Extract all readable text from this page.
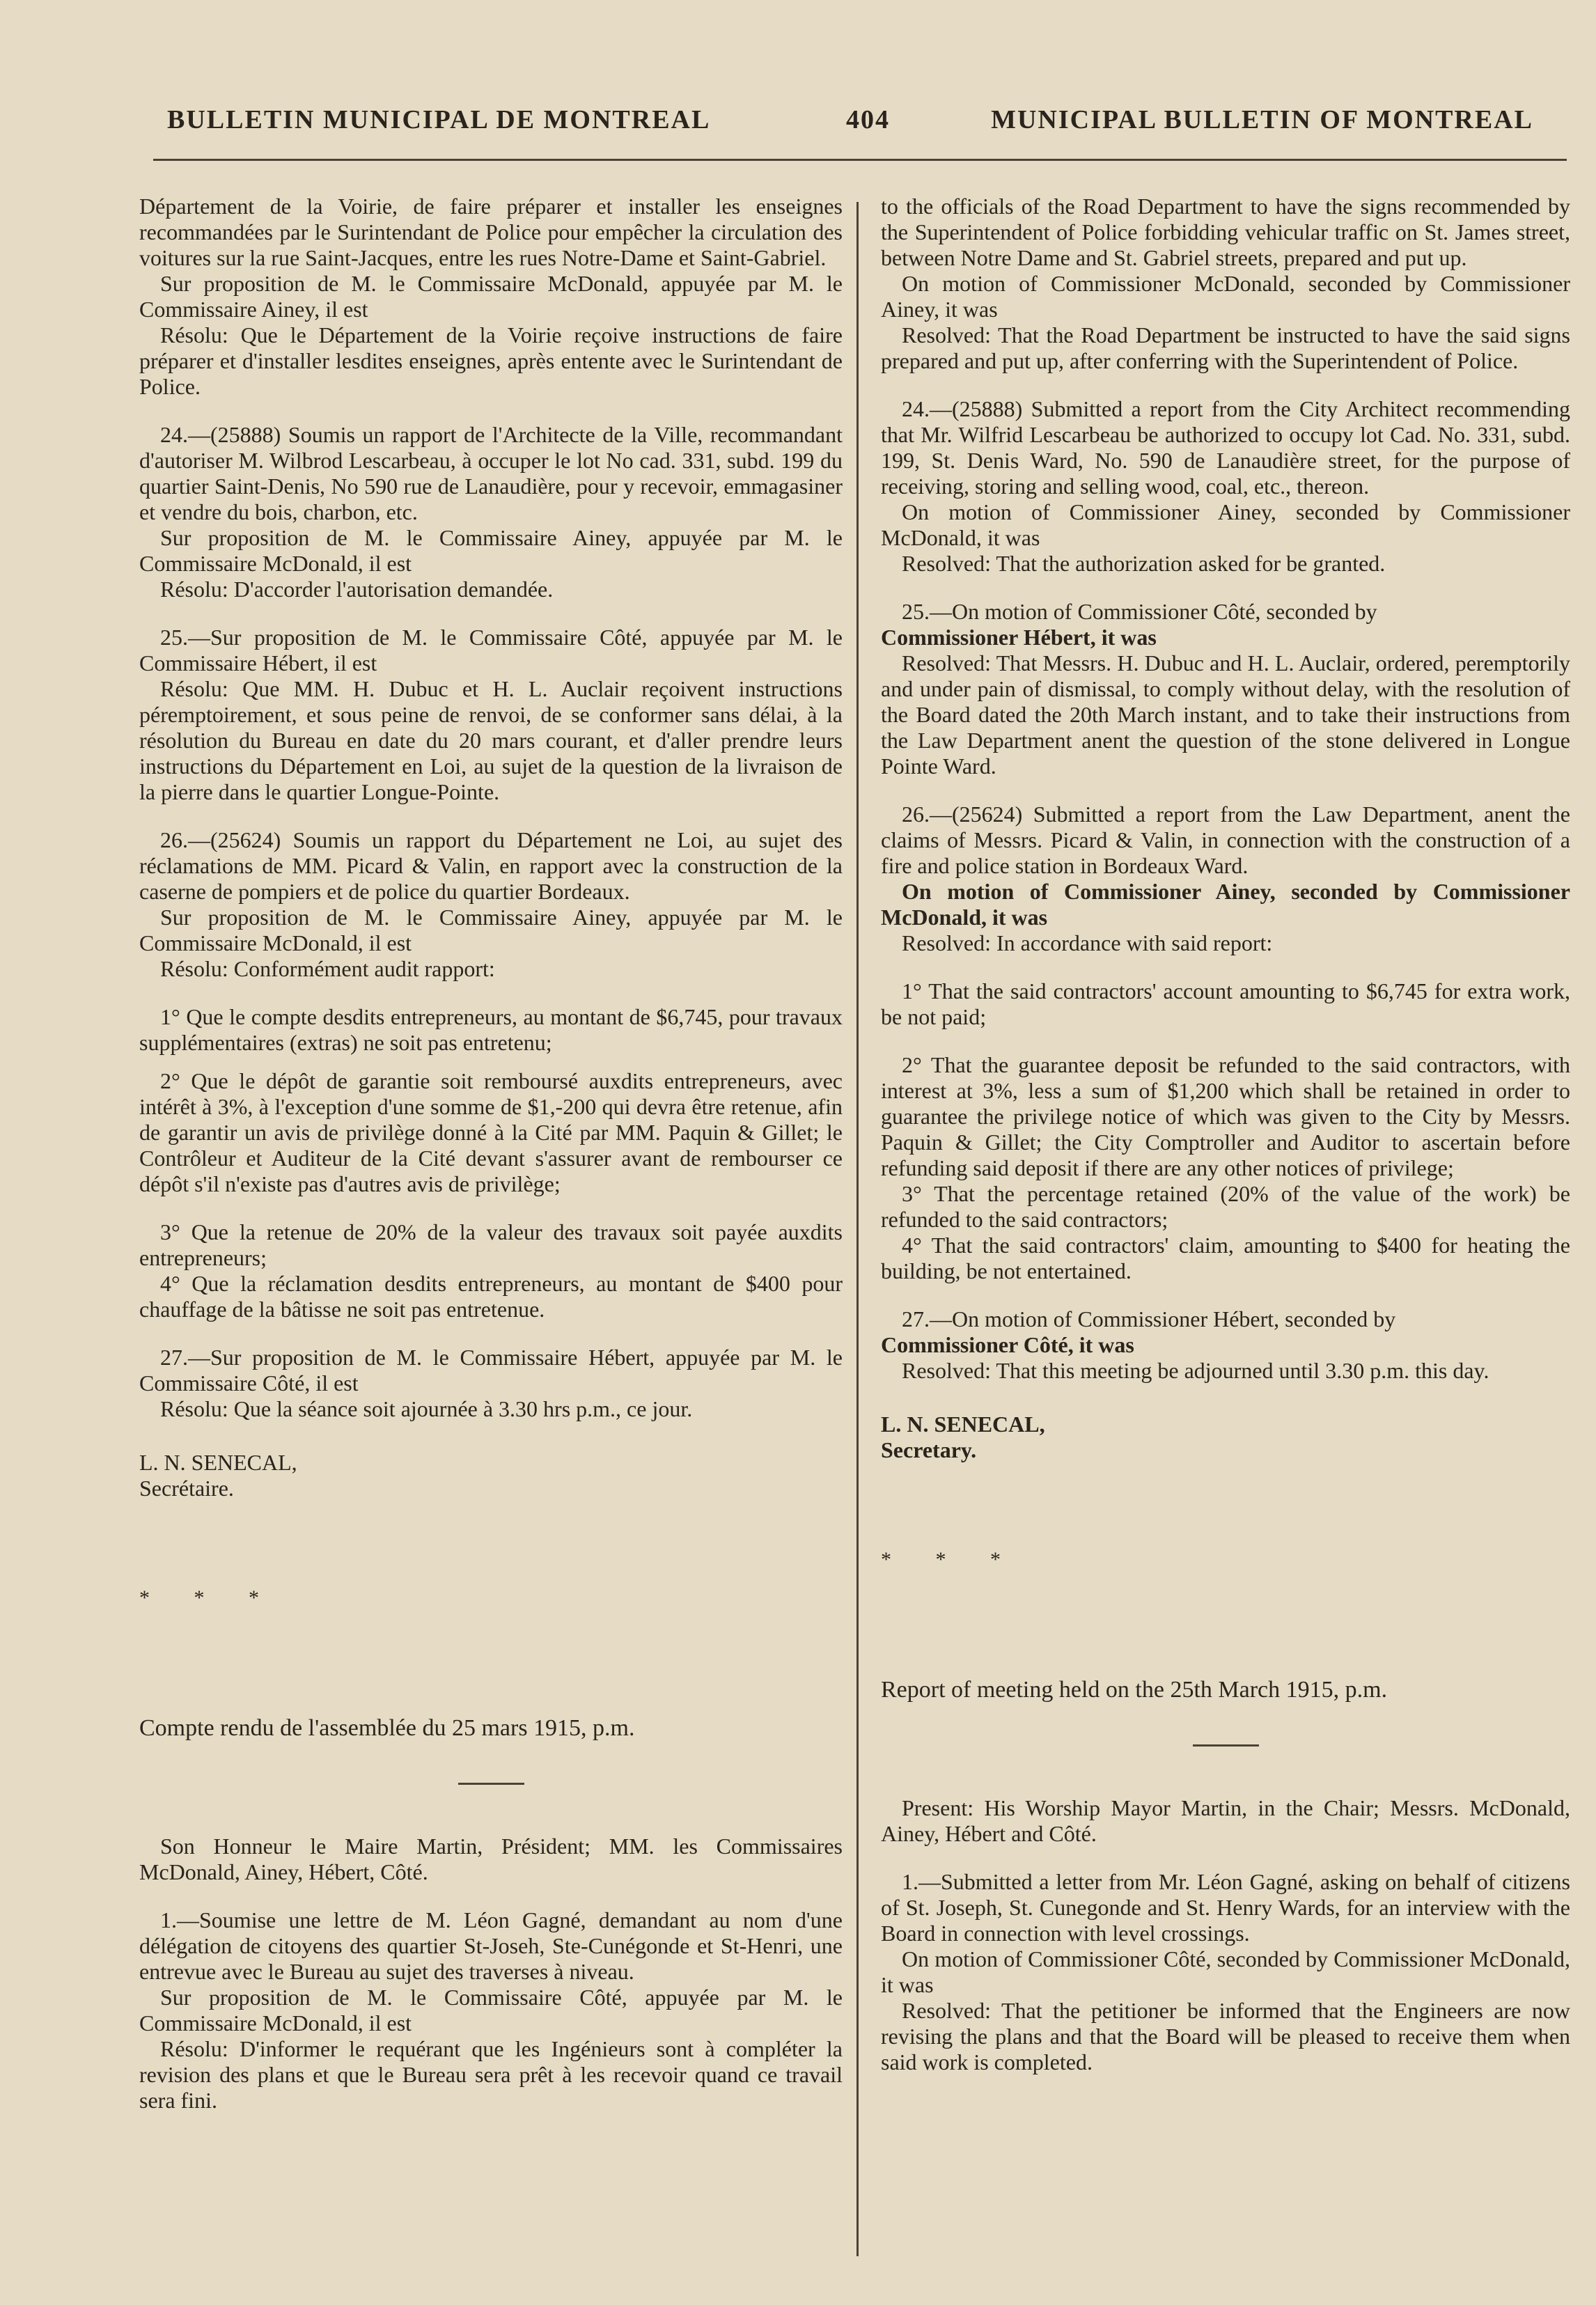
BULLETIN MUNICIPAL DE MONTREAL	404	MUNICIPAL BULLETIN OF MONTREAL

Département de la Voirie, de faire préparer et installer les enseignes recommandées par le Surintendant de Police pour empêcher la circulation des voitures sur la rue Saint-Jacques, entre les rues Notre-Dame et Saint-Gabriel.

Sur proposition de M. le Commissaire McDonald, appuyée par M. le Commissaire Ainey, il est

Résolu: Que le Département de la Voirie reçoive instructions de faire préparer et d'installer lesdites enseignes, après entente avec le Surintendant de Police.

24.—(25888) Soumis un rapport de l'Architecte de la Ville, recommandant d'autoriser M. Wilbrod Lescarbeau, à occuper le lot No cad. 331, subd. 199 du quartier Saint-Denis, No 590 rue de Lanaudière, pour y recevoir, emmagasiner et vendre du bois, charbon, etc.

Sur proposition de M. le Commissaire Ainey, appuyée par M. le Commissaire McDonald, il est

Résolu: D'accorder l'autorisation demandée.

25.—Sur proposition de M. le Commissaire Côté, appuyée par M. le Commissaire Hébert, il est

Résolu: Que MM. H. Dubuc et H. L. Auclair reçoivent instructions péremptoirement, et sous peine de renvoi, de se conformer sans délai, à la résolution du Bureau en date du 20 mars courant, et d'aller prendre leurs instructions du Département en Loi, au sujet de la question de la livraison de la pierre dans le quartier Longue-Pointe.

26.—(25624) Soumis un rapport du Département ne Loi, au sujet des réclamations de MM. Picard & Valin, en rapport avec la construction de la caserne de pompiers et de police du quartier Bordeaux.

Sur proposition de M. le Commissaire Ainey, appuyée par M. le Commissaire McDonald, il est

Résolu: Conformément audit rapport:

1° Que le compte desdits entrepreneurs, au montant de $6,745, pour travaux supplémentaires (extras) ne soit pas entretenu;

2° Que le dépôt de garantie soit remboursé auxdits entrepreneurs, avec intérêt à 3%, à l'exception d'une somme de $1,-200 qui devra être retenue, afin de garantir un avis de privilège donné à la Cité par MM. Paquin & Gillet; le Contrôleur et Auditeur de la Cité devant s'assurer avant de rembourser ce dépôt s'il n'existe pas d'autres avis de privilège;

3° Que la retenue de 20% de la valeur des travaux soit payée auxdits entrepreneurs;

4° Que la réclamation desdits entrepreneurs, au montant de $400 pour chauffage de la bâtisse ne soit pas entretenue.

27.—Sur proposition de M. le Commissaire Hébert, appuyée par M. le Commissaire Côté, il est

Résolu: Que la séance soit ajournée à 3.30 hrs p.m., ce jour.

L. N. SENECAL,

Secrétaire.

* * *

Compte rendu de l'assemblée du 25 mars 1915, p.m.

Son Honneur le Maire Martin, Président; MM. les Commissaires McDonald, Ainey, Hébert, Côté.

1.—Soumise une lettre de M. Léon Gagné, demandant au nom d'une délégation de citoyens des quartier St-Joseh, Ste-Cunégonde et St-Henri, une entrevue avec le Bureau au sujet des traverses à niveau.

Sur proposition de M. le Commissaire Côté, appuyée par M. le Commissaire McDonald, il est

Résolu: D'informer le requérant que les Ingénieurs sont à compléter la revision des plans et que le Bureau sera prêt à les recevoir quand ce travail sera fini.

to the officials of the Road Department to have the signs recommended by the Superintendent of Police forbidding vehicular traffic on St. James street, between Notre Dame and St. Gabriel streets, prepared and put up.

On motion of Commissioner McDonald, seconded by Commissioner Ainey, it was

Resolved: That the Road Department be instructed to have the said signs prepared and put up, after conferring with the Superintendent of Police.

24.—(25888) Submitted a report from the City Architect recommending that Mr. Wilfrid Lescarbeau be authorized to occupy lot Cad. No. 331, subd. 199, St. Denis Ward, No. 590 de Lanaudière street, for the purpose of receiving, storing and selling wood, coal, etc., thereon.

On motion of Commissioner Ainey, seconded by Commissioner McDonald, it was

Resolved: That the authorization asked for be granted.

25.—On motion of Commissioner Côté, seconded by

Commissioner Hébert, it was

Resolved: That Messrs. H. Dubuc and H. L. Auclair, ordered, peremptorily and under pain of dismissal, to comply without delay, with the resolution of the Board dated the 20th March instant, and to take their instructions from the Law Department anent the question of the stone delivered in Longue Pointe Ward.

26.—(25624) Submitted a report from the Law Department, anent the claims of Messrs. Picard & Valin, in connection with the construction of a fire and police station in Bordeaux Ward.

On motion of Commissioner Ainey, seconded by Commissioner McDonald, it was

Resolved: In accordance with said report:

1° That the said contractors' account amounting to $6,745 for extra work, be not paid;

2° That the guarantee deposit be refunded to the said contractors, with interest at 3%, less a sum of $1,200 which shall be retained in order to guarantee the privilege notice of which was given to the City by Messrs. Paquin & Gillet; the City Comptroller and Auditor to ascertain before refunding said deposit if there are any other notices of privilege;

3° That the percentage retained (20% of the value of the work) be refunded to the said contractors;

4° That the said contractors' claim, amounting to $400 for heating the building, be not entertained.

27.—On motion of Commissioner Hébert, seconded by

Commissioner Côté, it was

Resolved: That this meeting be adjourned until 3.30 p.m. this day.

L. N. SENECAL,

Secretary.

* * *

Report of meeting held on the 25th March 1915, p.m.

Present: His Worship Mayor Martin, in the Chair; Messrs. McDonald, Ainey, Hébert and Côté.

1.—Submitted a letter from Mr. Léon Gagné, asking on behalf of citizens of St. Joseph, St. Cunegonde and St. Henry Wards, for an interview with the Board in connection with level crossings.

On motion of Commissioner Côté, seconded by Commissioner McDonald, it was

Resolved: That the petitioner be informed that the Engineers are now revising the plans and that the Board will be pleased to receive them when said work is completed.
